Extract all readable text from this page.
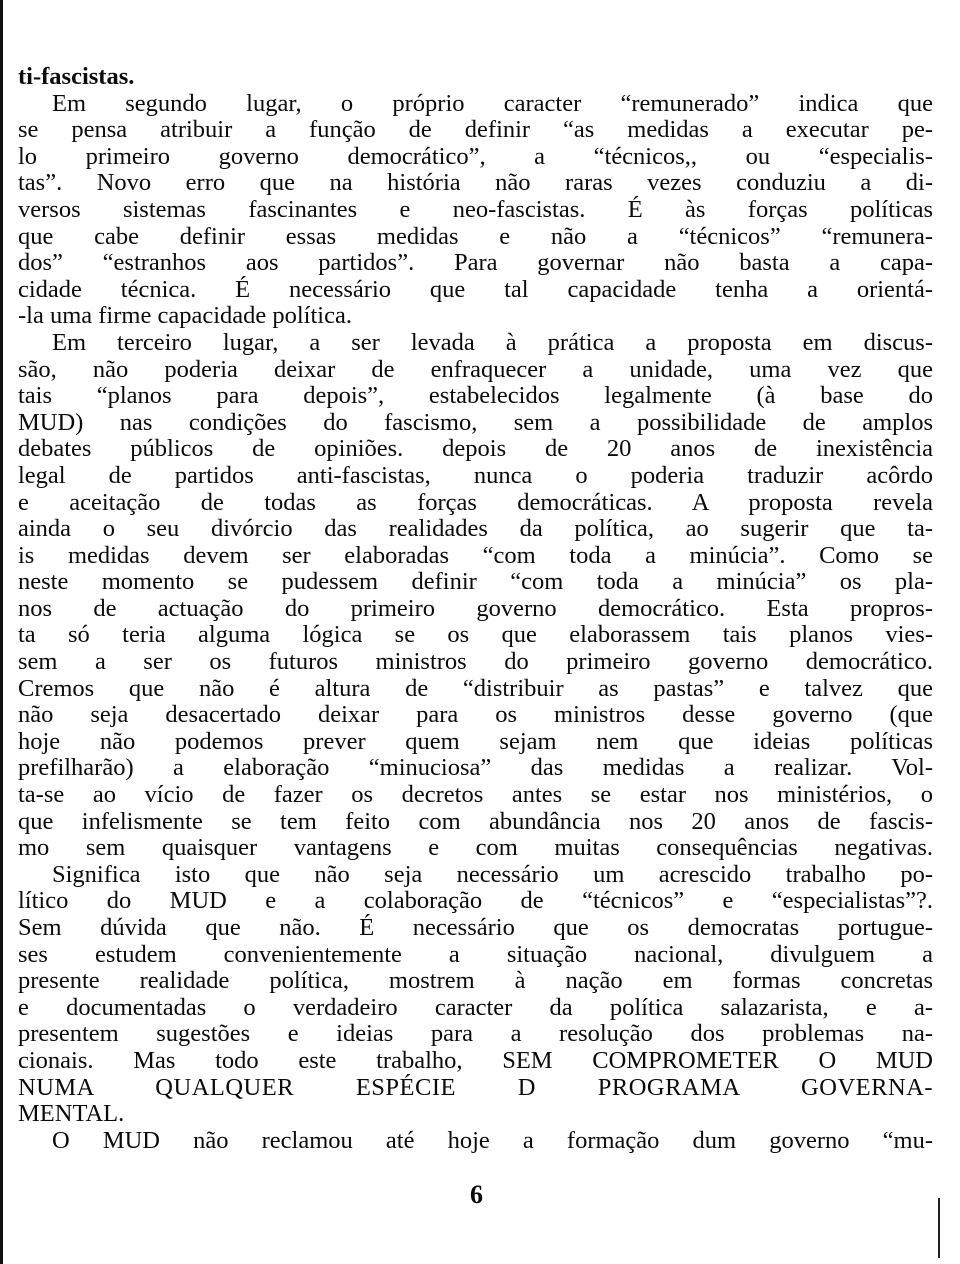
ti-fascistas.
Em segundo lugar, o próprio caracter “remunerado” indica que
se pensa atribuir a função de definir “as medidas a executar pe-
lo primeiro governo democrático”, a “técnicos,, ou “especialis-
tas”. Novo erro que na história não raras vezes conduziu a di-
versos sistemas fascinantes e neo-fascistas. É às forças políticas
que cabe definir essas medidas e não a “técnicos” “remunera-
dos” “estranhos aos partidos”. Para governar não basta a capa-
cidade técnica. É necessário que tal capacidade tenha a orientá-
-la uma firme capacidade política.
Em terceiro lugar, a ser levada à prática a proposta em discus-
são, não poderia deixar de enfraquecer a unidade, uma vez que
tais “planos para depois”, estabelecidos legalmente (à base do
MUD) nas condições do fascismo, sem a possibilidade de amplos
debates públicos de opiniões. depois de 20 anos de inexistência
legal de partidos anti-fascistas, nunca o poderia traduzir acôrdo
e aceitação de todas as forças democráticas. A proposta revela
ainda o seu divórcio das realidades da política, ao sugerir que ta-
is medidas devem ser elaboradas “com toda a minúcia”. Como se
neste momento se pudessem definir “com toda a minúcia” os pla-
nos de actuação do primeiro governo democrático. Esta propros-
ta só teria alguma lógica se os que elaborassem tais planos vies-
sem a ser os futuros ministros do primeiro governo democrático.
Cremos que não é altura de “distribuir as pastas” e talvez que
não seja desacertado deixar para os ministros desse governo (que
hoje não podemos prever quem sejam nem que ideias políticas
prefilharão) a elaboração “minuciosa” das medidas a realizar. Vol-
ta-se ao vício de fazer os decretos antes se estar nos ministérios, o
que infelismente se tem feito com abundância nos 20 anos de fascis-
mo sem quaisquer vantagens e com muitas consequências negativas.
Significa isto que não seja necessário um acrescido trabalho po-
lítico do MUD e a colaboração de “técnicos” e “especialistas”?.
Sem dúvida que não. É necessário que os democratas portugue-
ses estudem convenientemente a situação nacional, divulguem a
presente realidade política, mostrem à nação em formas concretas
e documentadas o verdadeiro caracter da política salazarista, e a-
presentem sugestões e ideias para a resolução dos problemas na-
cionais. Mas todo este trabalho, SEM COMPROMETER O MUD
NUMA QUALQUER ESPÉCIE D PROGRAMA GOVERNA-
MENTAL.
O MUD não reclamou até hoje a formação dum governo “mu-
6
